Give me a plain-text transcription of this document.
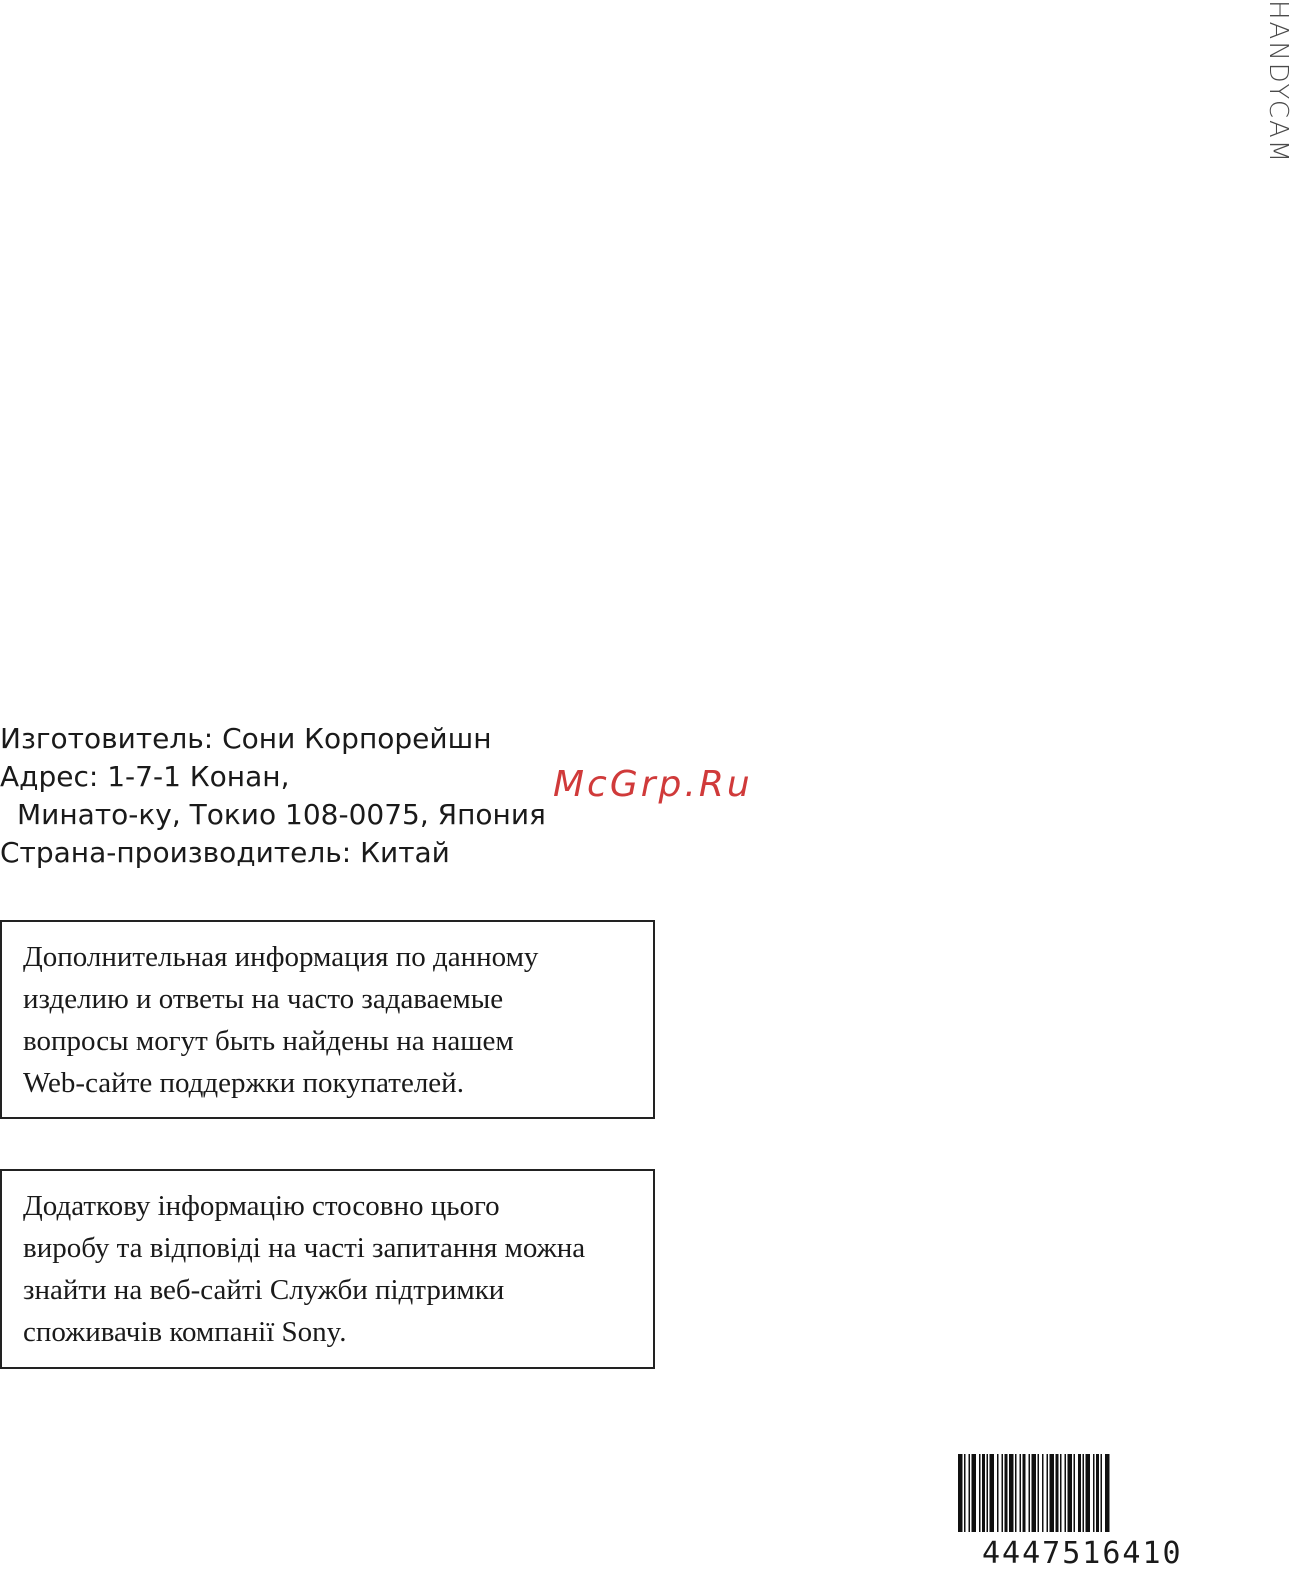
HANDYCAM
Изготовитель: Сони Корпорейшн
Адрес: 1-7-1 Конан,
Минато-ку, Токио 108-0075, Япония
Страна-производитель: Китай
McGrp.Ru
Дополнительная информация по данному
изделию и ответы на часто задаваемые
вопросы могут быть найдены на нашем
Web-сайте поддержки покупателей.
Додаткову інформацію стосовно цього
виробу та відповіді на часті запитання можна
знайти на веб-сайті Служби підтримки
споживачів компанії Sony.
4447516410
